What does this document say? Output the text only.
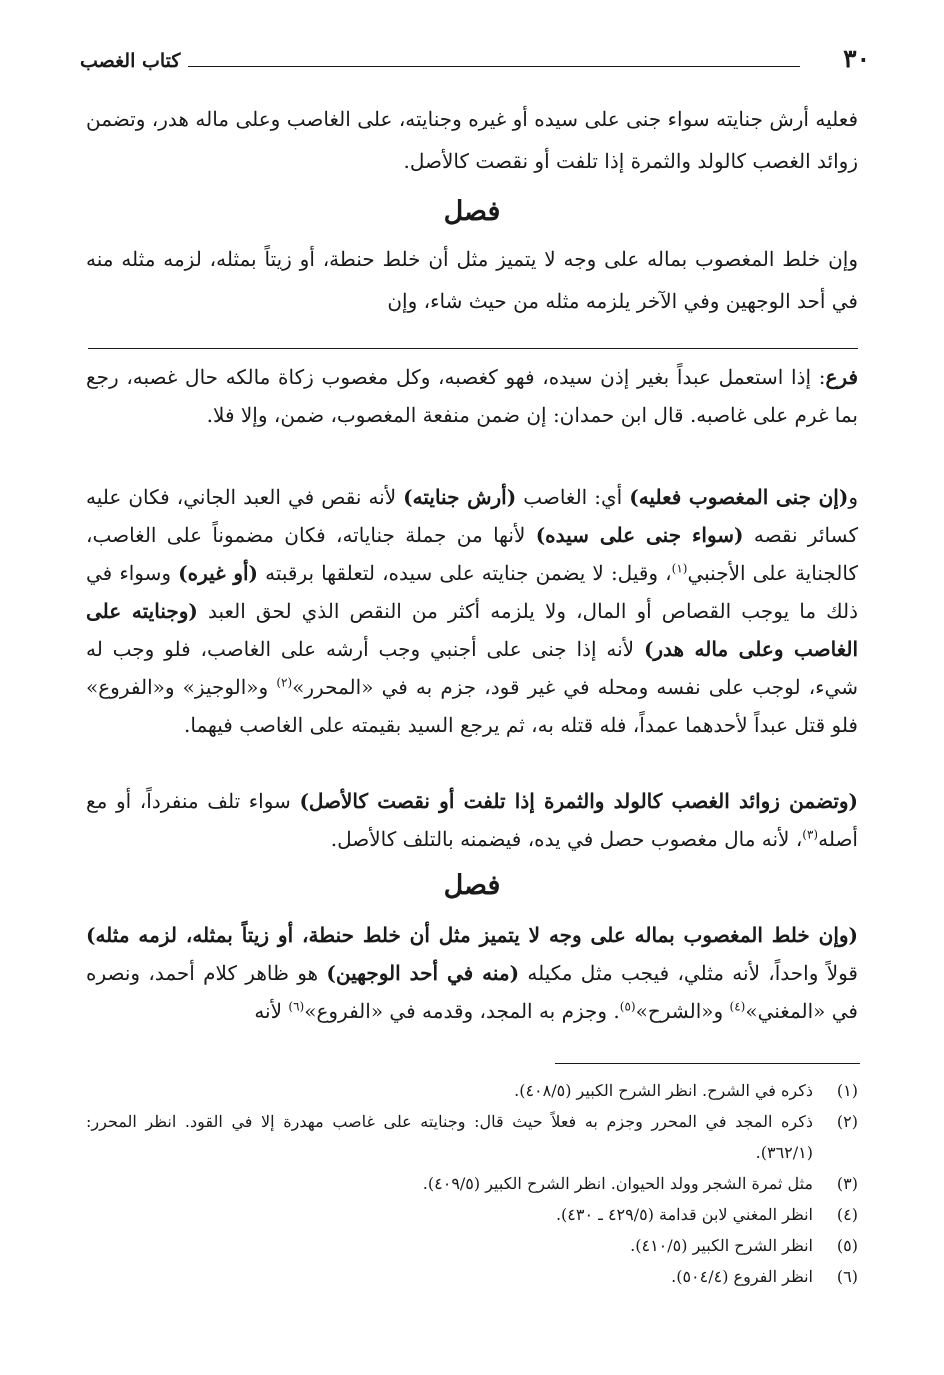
٣٠
كتاب الغصب
فعليه أرش جنايته سواء جنى على سيده أو غيره وجنايته، على الغاصب وعلى ماله هدر، وتضمن زوائد الغصب كالولد والثمرة إذا تلفت أو نقصت كالأصل.
فصل
وإن خلط المغصوب بماله على وجه لا يتميز مثل أن خلط حنطة، أو زيتاً بمثله، لزمه مثله منه في أحد الوجهين وفي الآخر يلزمه مثله من حيث شاء، وإن
فرع: إذا استعمل عبداً بغير إذن سيده، فهو كغصبه، وكل مغصوب زكاة مالكه حال غصبه، رجع بما غرم على غاصبه. قال ابن حمدان: إن ضمن منفعة المغصوب، ضمن، وإلا فلا.
و(إن جنى المغصوب فعليه) أي: الغاصب (أرش جنايته) لأنه نقص في العبد الجاني، فكان عليه كسائر نقصه (سواء جنى على سيده) لأنها من جملة جناياته، فكان مضموناً على الغاصب، كالجناية على الأجنبي$^{(١)}$، وقيل: لا يضمن جنايته على سيده، لتعلقها برقبته (أو غيره) وسواء في ذلك ما يوجب القصاص أو المال، ولا يلزمه أكثر من النقص الذي لحق العبد (وجنايته على الغاصب وعلى ماله هدر) لأنه إذا جنى على أجنبي وجب أرشه على الغاصب، فلو وجب له شيء، لوجب على نفسه ومحله في غير قود، جزم به في «المحرر»$^{(٢)}$ و«الوجيز» و«الفروع» فلو قتل عبداً لأحدهما عمداً، فله قتله به، ثم يرجع السيد بقيمته على الغاصب فيهما.
(وتضمن زوائد الغصب كالولد والثمرة إذا تلفت أو نقصت كالأصل) سواء تلف منفرداً، أو مع أصله$^{(٣)}$، لأنه مال مغصوب حصل في يده، فيضمنه بالتلف كالأصل.
فصل
(وإن خلط المغصوب بماله على وجه لا يتميز مثل أن خلط حنطة، أو زيتاً بمثله، لزمه مثله) قولاً واحداً، لأنه مثلي، فيجب مثل مكيله (منه في أحد الوجهين) هو ظاهر كلام أحمد، ونصره في «المغني»$^{(٤)}$ و«الشرح»$^{(٥)}$. وجزم به المجد، وقدمه في «الفروع»$^{(٦)}$ لأنه
(١)
ذكره في الشرح. انظر الشرح الكبير (٤٠٨/٥).
(٢)
ذكره المجد في المحرر وجزم به فعلاً حيث قال: وجنايته على غاصب مهدرة إلا في القود. انظر المحرر: (٣٦٢/١).
(٣)
مثل ثمرة الشجر وولد الحيوان. انظر الشرح الكبير (٤٠٩/٥).
(٤)
انظر المغني لابن قدامة (٤٢٩/٥ ـ ٤٣٠).
(٥)
انظر الشرح الكبير (٤١٠/٥).
(٦)
انظر الفروع (٥٠٤/٤).
